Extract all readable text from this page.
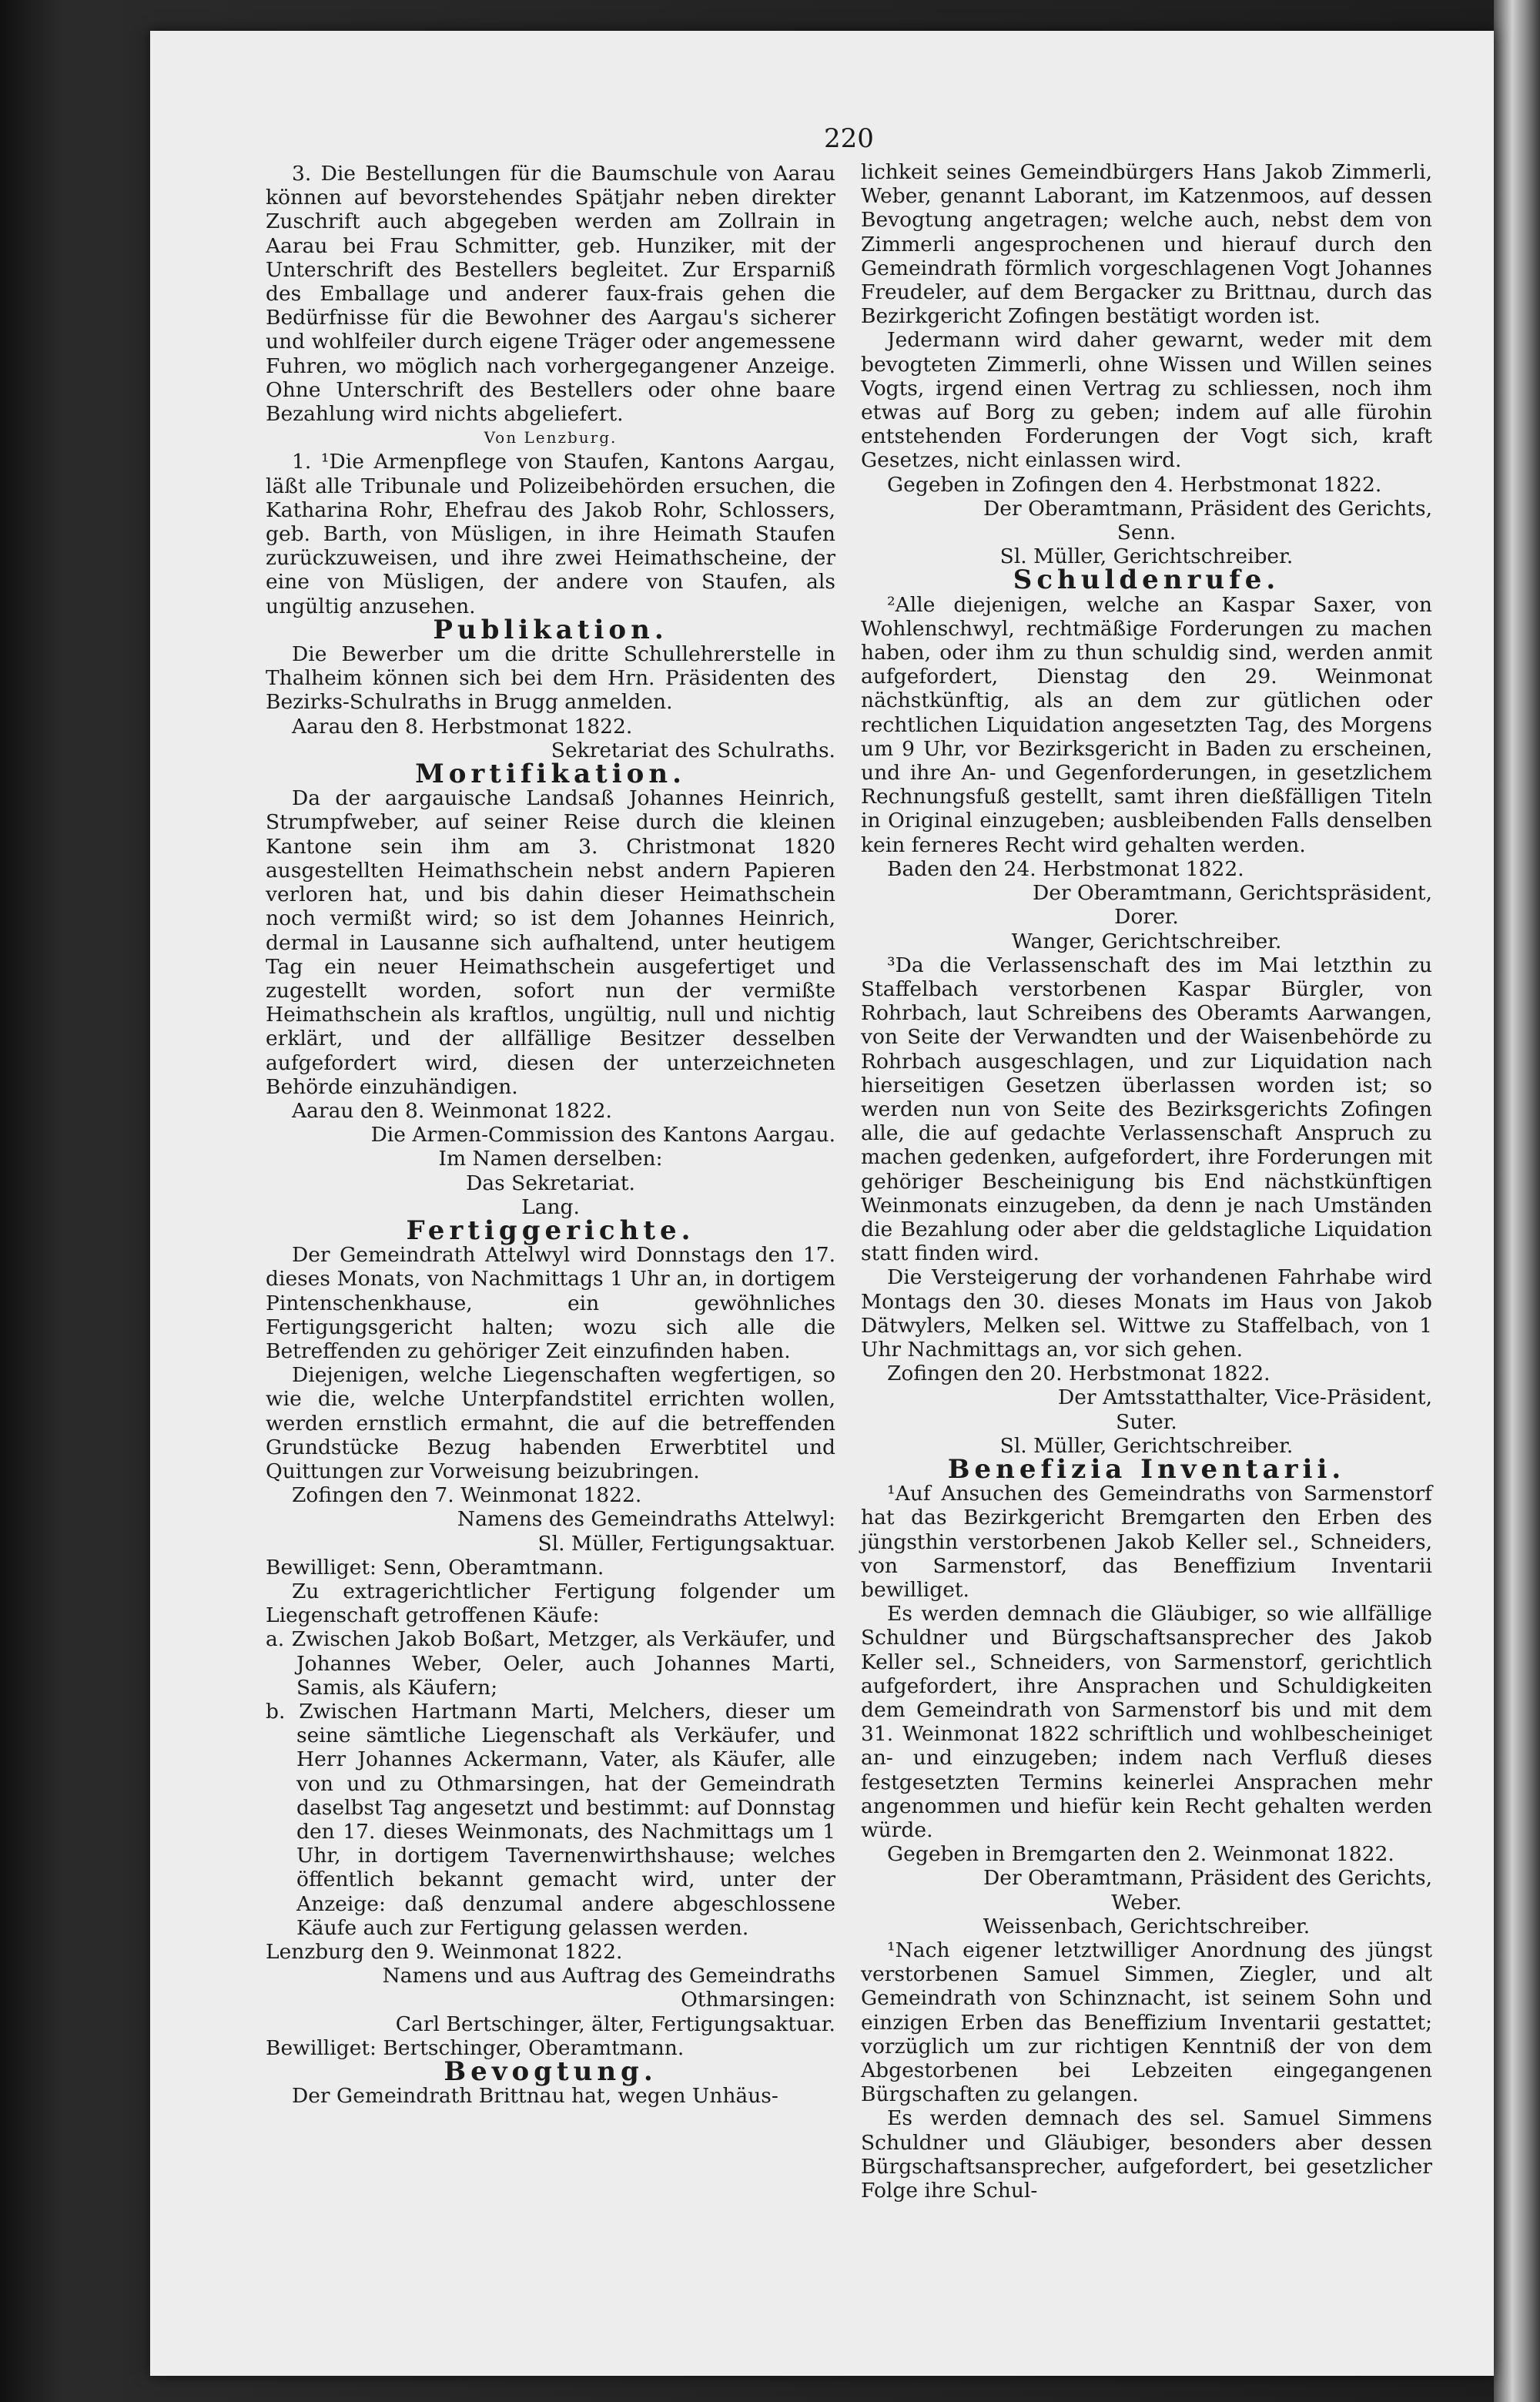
220

3. Die Bestellungen für die Baumschule von Aarau können auf bevorstehendes Spätjahr neben direkter Zuschrift auch abgegeben werden am Zollrain in Aarau bei Frau Schmitter, geb. Hunziker, mit der Unterschrift des Bestellers begleitet. Zur Ersparniß des Emballage und anderer faux-frais gehen die Bedürfnisse für die Bewohner des Aargau's sicherer und wohlfeiler durch eigene Träger oder angemessene Fuhren, wo möglich nach vorhergegangener Anzeige. Ohne Unterschrift des Bestellers oder ohne baare Bezahlung wird nichts abgeliefert.

Von Lenzburg.

1. ¹Die Armenpflege von Staufen, Kantons Aargau, läßt alle Tribunale und Polizeibehörden ersuchen, die Katharina Rohr, Ehefrau des Jakob Rohr, Schlossers, geb. Barth, von Müsligen, in ihre Heimath Staufen zurückzuweisen, und ihre zwei Heimathscheine, der eine von Müsligen, der andere von Staufen, als ungültig anzusehen.

Publikation.

Die Bewerber um die dritte Schullehrerstelle in Thalheim können sich bei dem Hrn. Präsidenten des Bezirks-Schulraths in Brugg anmelden.

Aarau den 8. Herbstmonat 1822.

Sekretariat des Schulraths.

Mortifikation.

Da der aargauische Landsaß Johannes Heinrich, Strumpfweber, auf seiner Reise durch die kleinen Kantone sein ihm am 3. Christmonat 1820 ausgestellten Heimathschein nebst andern Papieren verloren hat, und bis dahin dieser Heimathschein noch vermißt wird; so ist dem Johannes Heinrich, dermal in Lausanne sich aufhaltend, unter heutigem Tag ein neuer Heimathschein ausgefertiget und zugestellt worden, sofort nun der vermißte Heimathschein als kraftlos, ungültig, null und nichtig erklärt, und der allfällige Besitzer desselben aufgefordert wird, diesen der unterzeichneten Behörde einzuhändigen.

Aarau den 8. Weinmonat 1822.

Die Armen-Commission des Kantons Aargau.

Im Namen derselben:

Das Sekretariat.

Lang.

Fertiggerichte.

Der Gemeindrath Attelwyl wird Donnstags den 17. dieses Monats, von Nachmittags 1 Uhr an, in dortigem Pintenschenkhause, ein gewöhnliches Fertigungsgericht halten; wozu sich alle die Betreffenden zu gehöriger Zeit einzufinden haben.

Diejenigen, welche Liegenschaften wegfertigen, so wie die, welche Unterpfandstitel errichten wollen, werden ernstlich ermahnt, die auf die betreffenden Grundstücke Bezug habenden Erwerbtitel und Quittungen zur Vorweisung beizubringen.

Zofingen den 7. Weinmonat 1822.

Namens des Gemeindraths Attelwyl:

Sl. Müller, Fertigungsaktuar.

Bewilliget: Senn, Oberamtmann.

Zu extragerichtlicher Fertigung folgender um Liegenschaft getroffenen Käufe:

a. Zwischen Jakob Boßart, Metzger, als Verkäufer, und Johannes Weber, Oeler, auch Johannes Marti, Samis, als Käufern;

b. Zwischen Hartmann Marti, Melchers, dieser um seine sämtliche Liegenschaft als Verkäufer, und Herr Johannes Ackermann, Vater, als Käufer, alle von und zu Othmarsingen, hat der Gemeindrath daselbst Tag angesetzt und bestimmt: auf Donnstag den 17. dieses Weinmonats, des Nachmittags um 1 Uhr, in dortigem Tavernenwirthshause; welches öffentlich bekannt gemacht wird, unter der Anzeige: daß denzumal andere abgeschlossene Käufe auch zur Fertigung gelassen werden.

Lenzburg den 9. Weinmonat 1822.

Namens und aus Auftrag des Gemeindraths Othmarsingen:

Carl Bertschinger, älter, Fertigungsaktuar.

Bewilliget: Bertschinger, Oberamtmann.

Bevogtung.

Der Gemeindrath Brittnau hat, wegen Unhäus-

lichkeit seines Gemeindbürgers Hans Jakob Zimmerli, Weber, genannt Laborant, im Katzenmoos, auf dessen Bevogtung angetragen; welche auch, nebst dem von Zimmerli angesprochenen und hierauf durch den Gemeindrath förmlich vorgeschlagenen Vogt Johannes Freudeler, auf dem Bergacker zu Brittnau, durch das Bezirkgericht Zofingen bestätigt worden ist.

Jedermann wird daher gewarnt, weder mit dem bevogteten Zimmerli, ohne Wissen und Willen seines Vogts, irgend einen Vertrag zu schliessen, noch ihm etwas auf Borg zu geben; indem auf alle fürohin entstehenden Forderungen der Vogt sich, kraft Gesetzes, nicht einlassen wird.

Gegeben in Zofingen den 4. Herbstmonat 1822.

Der Oberamtmann, Präsident des Gerichts,

Senn.

Sl. Müller, Gerichtschreiber.

Schuldenrufe.

²Alle diejenigen, welche an Kaspar Saxer, von Wohlenschwyl, rechtmäßige Forderungen zu machen haben, oder ihm zu thun schuldig sind, werden anmit aufgefordert, Dienstag den 29. Weinmonat nächstkünftig, als an dem zur gütlichen oder rechtlichen Liquidation angesetzten Tag, des Morgens um 9 Uhr, vor Bezirksgericht in Baden zu erscheinen, und ihre An- und Gegenforderungen, in gesetzlichem Rechnungsfuß gestellt, samt ihren dießfälligen Titeln in Original einzugeben; ausbleibenden Falls denselben kein ferneres Recht wird gehalten werden.

Baden den 24. Herbstmonat 1822.

Der Oberamtmann, Gerichtspräsident,

Dorer.

Wanger, Gerichtschreiber.

³Da die Verlassenschaft des im Mai letzthin zu Staffelbach verstorbenen Kaspar Bürgler, von Rohrbach, laut Schreibens des Oberamts Aarwangen, von Seite der Verwandten und der Waisenbehörde zu Rohrbach ausgeschlagen, und zur Liquidation nach hierseitigen Gesetzen überlassen worden ist; so werden nun von Seite des Bezirksgerichts Zofingen alle, die auf gedachte Verlassenschaft Anspruch zu machen gedenken, aufgefordert, ihre Forderungen mit gehöriger Bescheinigung bis End nächstkünftigen Weinmonats einzugeben, da denn je nach Umständen die Bezahlung oder aber die geldstagliche Liquidation statt finden wird.

Die Versteigerung der vorhandenen Fahrhabe wird Montags den 30. dieses Monats im Haus von Jakob Dätwylers, Melken sel. Wittwe zu Staffelbach, von 1 Uhr Nachmittags an, vor sich gehen.

Zofingen den 20. Herbstmonat 1822.

Der Amtsstatthalter, Vice-Präsident,

Suter.

Sl. Müller, Gerichtschreiber.

Benefizia Inventarii.

¹Auf Ansuchen des Gemeindraths von Sarmenstorf hat das Bezirkgericht Bremgarten den Erben des jüngsthin verstorbenen Jakob Keller sel., Schneiders, von Sarmenstorf, das Beneffizium Inventarii bewilliget.

Es werden demnach die Gläubiger, so wie allfällige Schuldner und Bürgschaftsansprecher des Jakob Keller sel., Schneiders, von Sarmenstorf, gerichtlich aufgefordert, ihre Ansprachen und Schuldigkeiten dem Gemeindrath von Sarmenstorf bis und mit dem 31. Weinmonat 1822 schriftlich und wohlbescheiniget an- und einzugeben; indem nach Verfluß dieses festgesetzten Termins keinerlei Ansprachen mehr angenommen und hiefür kein Recht gehalten werden würde.

Gegeben in Bremgarten den 2. Weinmonat 1822.

Der Oberamtmann, Präsident des Gerichts,

Weber.

Weissenbach, Gerichtschreiber.

¹Nach eigener letztwilliger Anordnung des jüngst verstorbenen Samuel Simmen, Ziegler, und alt Gemeindrath von Schinznacht, ist seinem Sohn und einzigen Erben das Beneffizium Inventarii gestattet; vorzüglich um zur richtigen Kenntniß der von dem Abgestorbenen bei Lebzeiten eingegangenen Bürgschaften zu gelangen.

Es werden demnach des sel. Samuel Simmens Schuldner und Gläubiger, besonders aber dessen Bürgschaftsansprecher, aufgefordert, bei gesetzlicher Folge ihre Schul-
